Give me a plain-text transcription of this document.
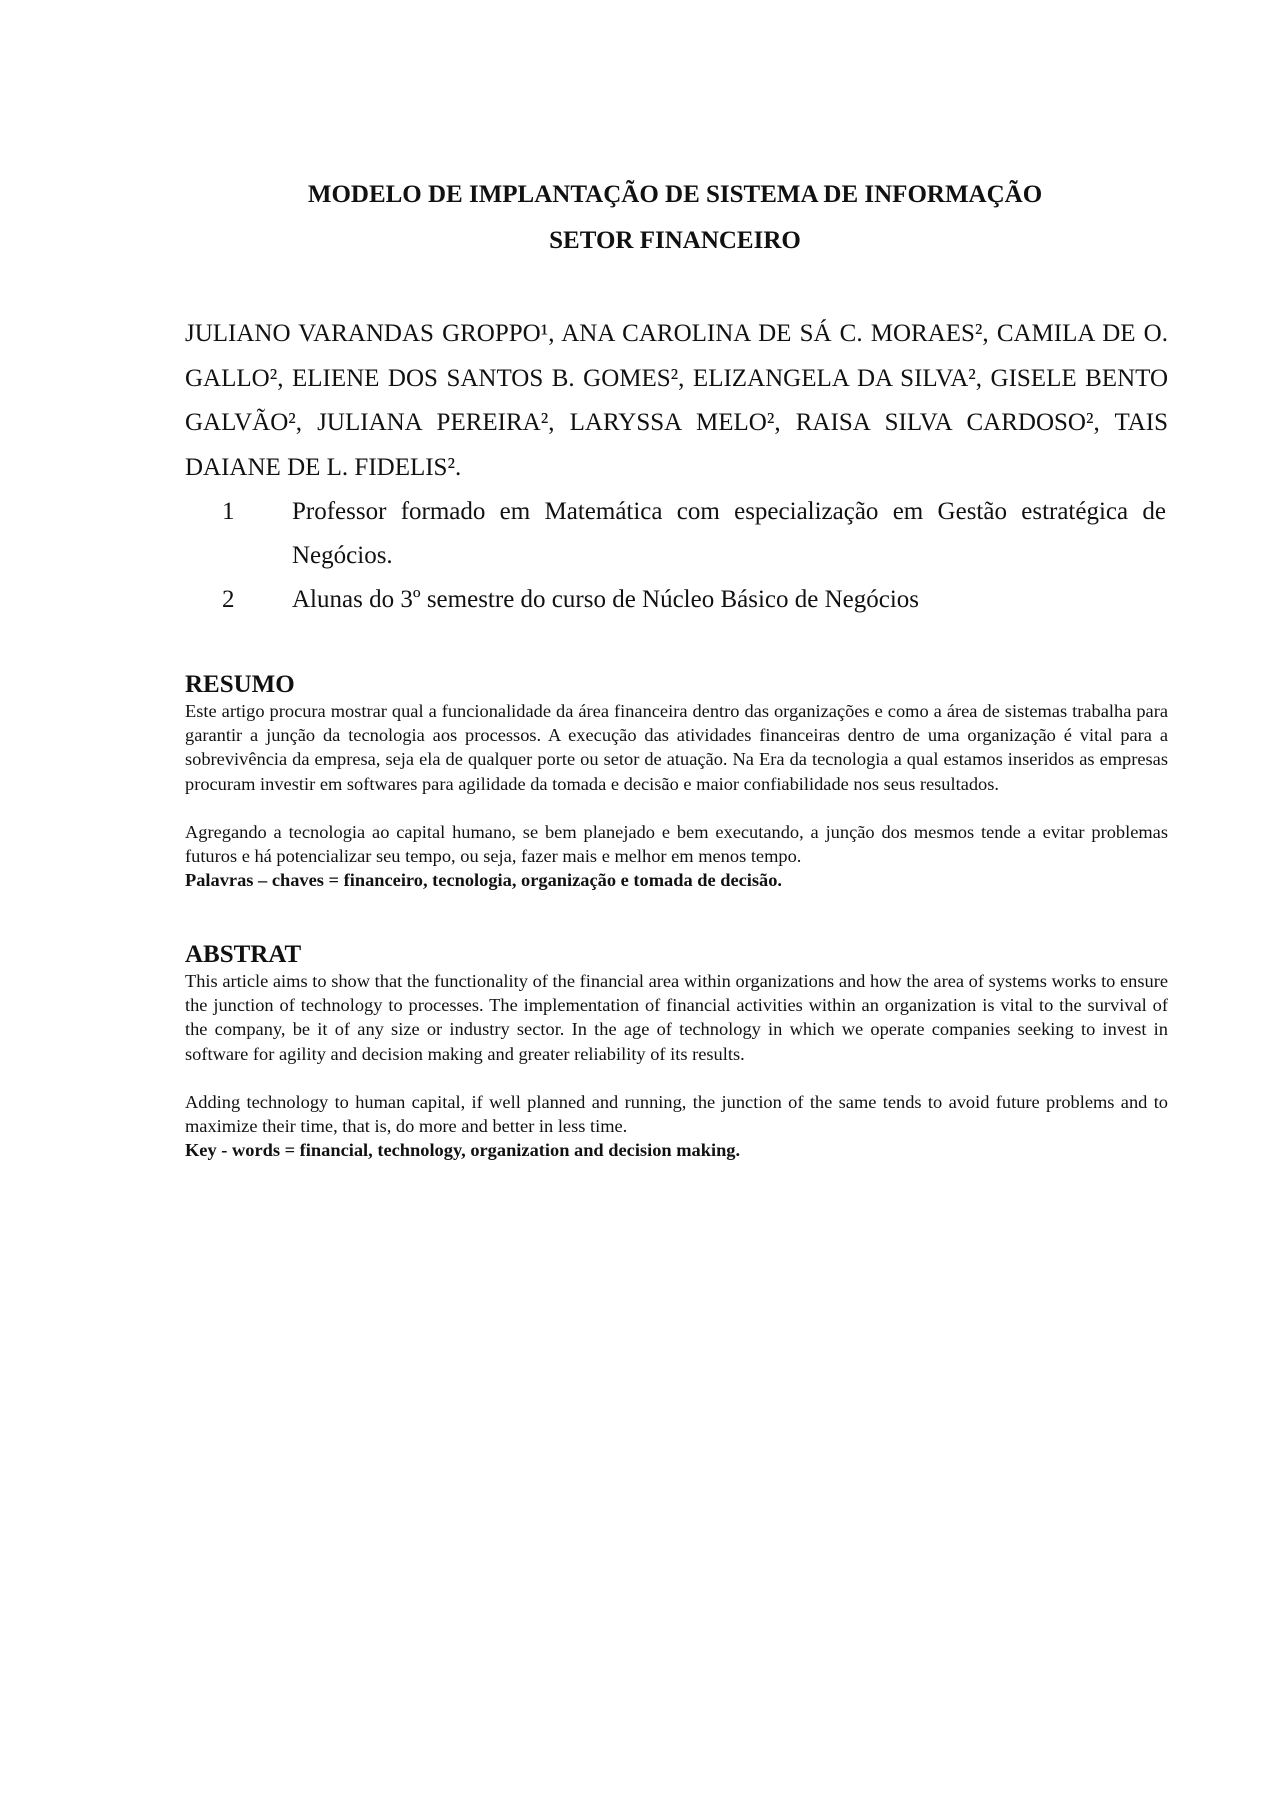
MODELO DE IMPLANTAÇÃO DE SISTEMA DE INFORMAÇÃO
SETOR FINANCEIRO
JULIANO VARANDAS GROPPO¹, ANA CAROLINA DE SÁ C. MORAES², CAMILA DE O. GALLO², ELIENE DOS SANTOS B. GOMES², ELIZANGELA DA SILVA², GISELE BENTO GALVÃO², JULIANA PEREIRA², LARYSSA MELO², RAISA SILVA CARDOSO², TAIS DAIANE DE L. FIDELIS².
1	Professor formado em Matemática com especialização em Gestão estratégica de Negócios.
2	Alunas do 3º semestre do curso de Núcleo Básico de Negócios
RESUMO
Este artigo procura mostrar qual a funcionalidade da área financeira dentro das organizações e como a área de sistemas trabalha para garantir a junção da tecnologia aos processos. A execução das atividades financeiras dentro de uma organização é vital para a sobrevivência da empresa, seja ela de qualquer porte ou setor de atuação. Na Era da tecnologia a qual estamos inseridos as empresas procuram investir em softwares para agilidade da tomada e decisão e maior confiabilidade nos seus resultados.
Agregando a tecnologia ao capital humano, se bem planejado e bem executando, a junção dos mesmos tende a evitar problemas futuros e há potencializar seu tempo, ou seja, fazer mais e melhor em menos tempo.
Palavras – chaves = financeiro, tecnologia, organização e tomada de decisão.
ABSTRAT
This article aims to show that the functionality of the financial area within organizations and how the area of systems works to ensure the junction of technology to processes. The implementation of financial activities within an organization is vital to the survival of the company, be it of any size or industry sector. In the age of technology in which we operate companies seeking to invest in software for agility and decision making and greater reliability of its results.
Adding technology to human capital, if well planned and running, the junction of the same tends to avoid future problems and to maximize their time, that is, do more and better in less time.
Key - words = financial, technology, organization and decision making.
